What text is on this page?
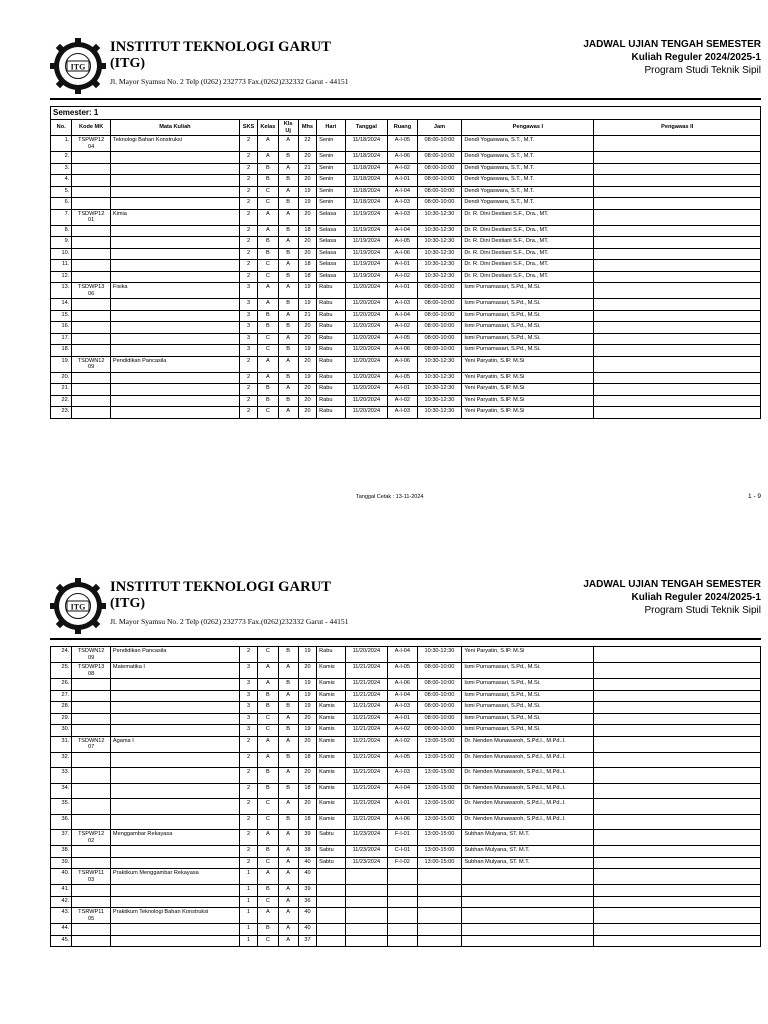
ITG
INSTITUT TEKNOLOGI GARUT
(ITG)
Jl. Mayor Syamsu No. 2 Telp (0262) 232773 Fax.(0262)232332 Garut - 44151
JADWAL UJIAN TENGAH SEMESTER
Kuliah Reguler 2024/2025-1
Program Studi Teknik Sipil
Semester: 1
No.	Kode MK	Mata Kuliah	SKS	Kelas	Kls Uj	Mhs	Hari	Tanggal	Ruang	Jam	Pengawas I	Pengawas II
1.	TSPWP12 04	Teknologi Bahan Konstruksi	2	A	A	22	Senin	11/18/2024	A-I-05	08:00-10:00	Dendi Yogaswara, S.T., M.T.	
2.			2	A	B	20	Senin	11/18/2024	A-I-06	08:00-10:00	Dendi Yogaswara, S.T., M.T.	
3.			2	B	A	21	Senin	11/18/2024	A-I-02	08:00-10:00	Dendi Yogaswara, S.T., M.T.	
4.			2	B	B	20	Senin	11/18/2024	A-I-01	08:00-10:00	Dendi Yogaswara, S.T., M.T.	
5.			2	C	A	19	Senin	11/18/2024	A-I-04	08:00-10:00	Dendi Yogaswara, S.T., M.T.	
6.			2	C	B	19	Senin	11/18/2024	A-I-03	08:00-10:00	Dendi Yogaswara, S.T., M.T.	
7.	TSDWP12 01	Kimia	2	A	A	20	Selasa	11/19/2024	A-I-03	10:30-12:30	Dr. R. Dini Destiani S.F., Dra., MT.	
8.			2	A	B	18	Selasa	11/19/2024	A-I-04	10:30-12:30	Dr. R. Dini Destiani S.F., Dra., MT.	
9.			2	B	A	20	Selasa	11/19/2024	A-I-05	10:30-12:30	Dr. R. Dini Destiani S.F., Dra., MT.	
10.			2	B	B	20	Selasa	11/19/2024	A-I-06	10:30-12:30	Dr. R. Dini Destiani S.F., Dra., MT.	
11.			2	C	A	18	Selasa	11/19/2024	A-I-01	10:30-12:30	Dr. R. Dini Destiani S.F., Dra., MT.	
12.			2	C	B	18	Selasa	11/19/2024	A-I-02	10:30-12:30	Dr. R. Dini Destiani S.F., Dra., MT.	
13.	TSDWP13 06	Fisika	3	A	A	19	Rabu	11/20/2024	A-I-01	08:00-10:00	Ismi Purnamasari, S.Pd., M.Si.	
14.			3	A	B	19	Rabu	11/20/2024	A-I-03	08:00-10:00	Ismi Purnamasari, S.Pd., M.Si.	
15.			3	B	A	21	Rabu	11/20/2024	A-I-04	08:00-10:00	Ismi Purnamasari, S.Pd., M.Si.	
16.			3	B	B	20	Rabu	11/20/2024	A-I-02	08:00-10:00	Ismi Purnamasari, S.Pd., M.Si.	
17.			3	C	A	20	Rabu	11/20/2024	A-I-05	08:00-10:00	Ismi Purnamasari, S.Pd., M.Si.	
18.			3	C	B	19	Rabu	11/20/2024	A-I-06	08:00-10:00	Ismi Purnamasari, S.Pd., M.Si.	
19.	TSDWN12 09	Pendidikan Pancasila	2	A	A	20	Rabu	11/20/2024	A-I-06	10:30-12:30	Yeni Paryatin, S.IP. M.Si	
20.			2	A	B	19	Rabu	11/20/2024	A-I-05	10:30-12:30	Yeni Paryatin, S.IP. M.Si	
21.			2	B	A	20	Rabu	11/20/2024	A-I-01	10:30-12:30	Yeni Paryatin, S.IP. M.Si	
22.			2	B	B	20	Rabu	11/20/2024	A-I-02	10:30-12:30	Yeni Paryatin, S.IP. M.Si	
23.			2	C	A	20	Rabu	11/20/2024	A-I-03	10:30-12:30	Yeni Paryatin, S.IP. M.Si	
Tanggal Cetak : 13-11-2024	1 - 9
ITG
INSTITUT TEKNOLOGI GARUT
(ITG)
Jl. Mayor Syamsu No. 2 Telp (0262) 232773 Fax.(0262)232332 Garut - 44151
JADWAL UJIAN TENGAH SEMESTER
Kuliah Reguler 2024/2025-1
Program Studi Teknik Sipil
24.	TSDWN12 09	Pendidikan Pancasila	2	C	B	19	Rabu	11/20/2024	A-I-04	10:30-12:30	Yeni Paryatin, S.IP. M.Si	
25.	TSDWP13 08	Matematika I	3	A	A	20	Kamis	11/21/2024	A-I-05	08:00-10:00	Ismi Purnamasari, S.Pd., M.Si.	
26.			3	A	B	19	Kamis	11/21/2024	A-I-06	08:00-10:00	Ismi Purnamasari, S.Pd., M.Si.	
27.			3	B	A	19	Kamis	11/21/2024	A-I-04	08:00-10:00	Ismi Purnamasari, S.Pd., M.Si.	
28.			3	B	B	19	Kamis	11/21/2024	A-I-03	08:00-10:00	Ismi Purnamasari, S.Pd., M.Si.	
29.			3	C	A	20	Kamis	11/21/2024	A-I-01	08:00-10:00	Ismi Purnamasari, S.Pd., M.Si.	
30.			3	C	B	19	Kamis	11/21/2024	A-I-02	08:00-10:00	Ismi Purnamasari, S.Pd., M.Si.	
31.	TSDWN12 07	Agama I	2	A	A	20	Kamis	11/21/2024	A-I-02	13:00-15:00	Dr. Nenden Munawaroh, S.Pd.I., M.Pd..I.	
32.			2	A	B	18	Kamis	11/21/2024	A-I-05	13:00-15:00	Dr. Nenden Munawaroh, S.Pd.I., M.Pd..I.	
33.			2	B	A	20	Kamis	11/21/2024	A-I-03	13:00-15:00	Dr. Nenden Munawaroh, S.Pd.I., M.Pd..I.	
34.			2	B	B	18	Kamis	11/21/2024	A-I-04	13:00-15:00	Dr. Nenden Munawaroh, S.Pd.I., M.Pd..I.	
35.			2	C	A	20	Kamis	11/21/2024	A-I-01	13:00-15:00	Dr. Nenden Munawaroh, S.Pd.I., M.Pd..I.	
36.			2	C	B	18	Kamis	11/21/2024	A-I-06	13:00-15:00	Dr. Nenden Munawaroh, S.Pd.I., M.Pd..I.	
37.	TSPWP12 02	Menggambar Rekayasa	2	A	A	39	Sabtu	11/23/2024	F-I-01	13:00-15:00	Subhan Mulyana, ST. M.T.	
38.			2	B	A	38	Sabtu	11/23/2024	C-I-01	13:00-15:00	Subhan Mulyana, ST. M.T.	
39.			2	C	A	40	Sabtu	11/23/2024	F-I-02	13:00-15:00	Subhan Mulyana, ST. M.T.	
40.	TSRWP11 03	Praktikum Menggambar Rekayasa	1	A	A	40						
41.			1	B	A	39						
42.			1	C	A	36						
43.	TSRWP11 05	Praktikum Teknologi Bahan Konstruksi	1	A	A	40						
44.			1	B	A	40						
45.			1	C	A	37						
